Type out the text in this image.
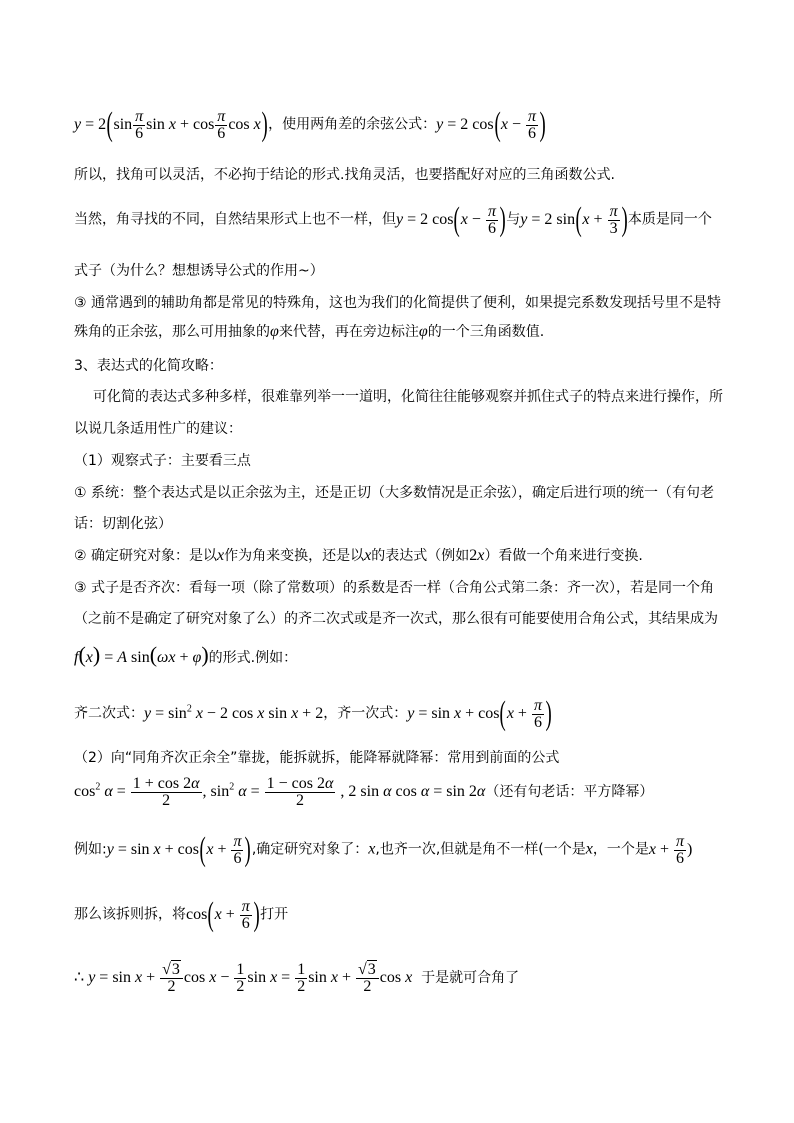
$y = 2(\sin \frac{\pi}{6}$ $\sin x + \cos \frac{\pi}{6}$ cos x)，使用两角差的余弦公式：y = 2 $\cos(x - \frac{\pi}{6}$ )
所以，找角可以灵活，不必拘于结论的形式.找角灵活，也要搭配好对应的三角函数公式.
当然，角寻找的不同，自然结果形式上也不一样，但y = 2 $\cos(x - \frac{\pi}{6}$ )与y = 2 $\sin(x + \frac{\pi}{3}$ )本质是同一个
式子（为什么？想想诱导公式的作用~）
③ 通常遇到的辅助角都是常见的特殊角，这也为我们的化简提供了便利，如果提完系数发现括号里不是特
殊角的正余弦，那么可用抽象的φ来代替，再在旁边标注φ的一个三角函数值.
3、表达式的化简攻略：
可化简的表达式多种多样，很难靠列举一一道明，化简往往能够观察并抓住式子的特点来进行操作，所
以说几条适用性广的建议：
（1）观察式子：主要看三点
① 系统：整个表达式是以正余弦为主，还是正切（大多数情况是正余弦），确定后进行项的统一（有句老
话：切割化弦）
② 确定研究对象：是以x作为角来变换，还是以x的表达式（例如2x）看做一个角来进行变换.
③ 式子是否齐次：看每一项（除了常数项）的系数是否一样（合角公式第二条：齐一次），若是同一个角
（之前不是确定了研究对象了么）的齐二次式或是齐一次式，那么很有可能要使用合角公式，其结果成为
f(x) = A sin(ωx + φ)的形式.例如：
齐二次式：$y = \sin^2 x - 2$ cos x sin x + 2，齐一次式：$y = \sin x + \cos(x + \frac{\pi}{6}$ )
（2）向“同角齐次正余全”靠拢，能拆就拆，能降幂就降幂：常用到前面的公式
$\cos^2 \alpha = \frac{1 + \cos 2\alpha}{2}$ , $\sin^2 \alpha = \frac{1 - \cos 2\alpha}{2}$ , 2 sin α cos α = sin 2α（还有句老话：平方降幂）
例如:y = $\sin x + \cos(x + \frac{\pi}{6}$ ),确定研究对象了：x,也齐一次,但就是角不一样(一个是x，一个是$x + \frac{\pi}{6}$ )
那么该拆则拆，将$\cos(x + \frac{\pi}{6}$ )打开
∴ $y = \sin x + \frac{√3}{2}$ $\cos x - \frac{1}{2}$ $\sin x = \frac{1}{2}$ $\sin x + \frac{√3}{2}$ cos x 于是就可合角了
